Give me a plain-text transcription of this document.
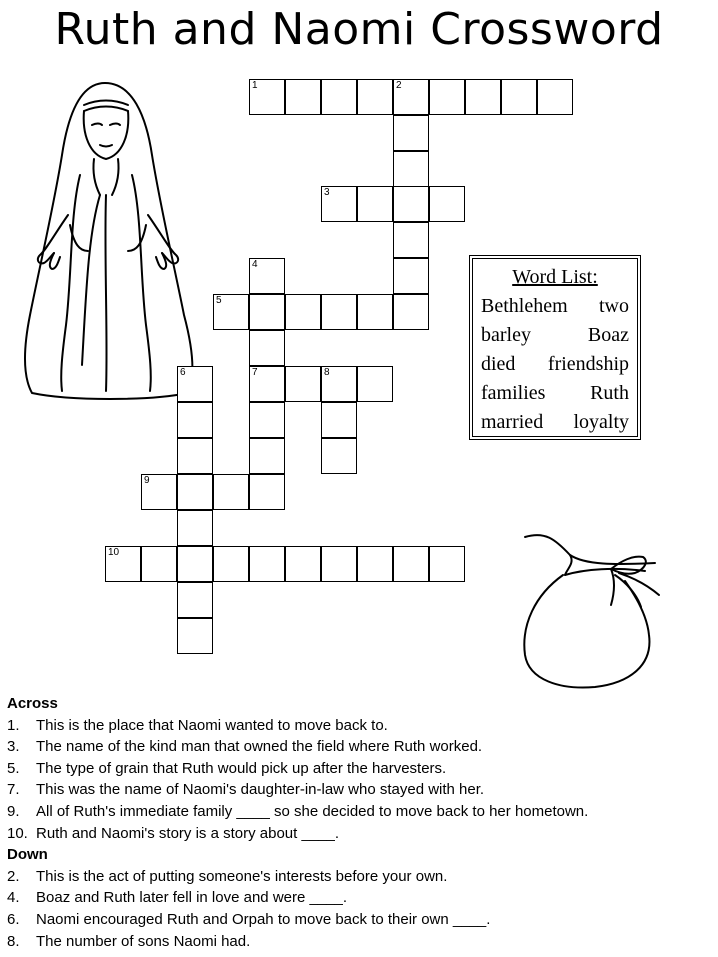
Ruth and Naomi Crossword
1	2
3
4
5
6	7	8
9
10
Word List:
Bethlehem two
barley	Boaz
died friendship
families Ruth
married loyalty
Across
1.	This is the place that Naomi wanted to move back to.
3.	The name of the kind man that owned the field where Ruth worked.
5.	The type of grain that Ruth would pick up after the harvesters.
7.	This was the name of Naomi's daughter-in-law who stayed with her.
9.	All of Ruth's immediate family ____ so she decided to move back to her hometown.
10. Ruth and Naomi's story is a story about ____.
Down
2.	This is the act of putting someone's interests before your own.
4.	Boaz and Ruth later fell in love and were ____.
6.	Naomi encouraged Ruth and Orpah to move back to their own ____.
8.	The number of sons Naomi had.
